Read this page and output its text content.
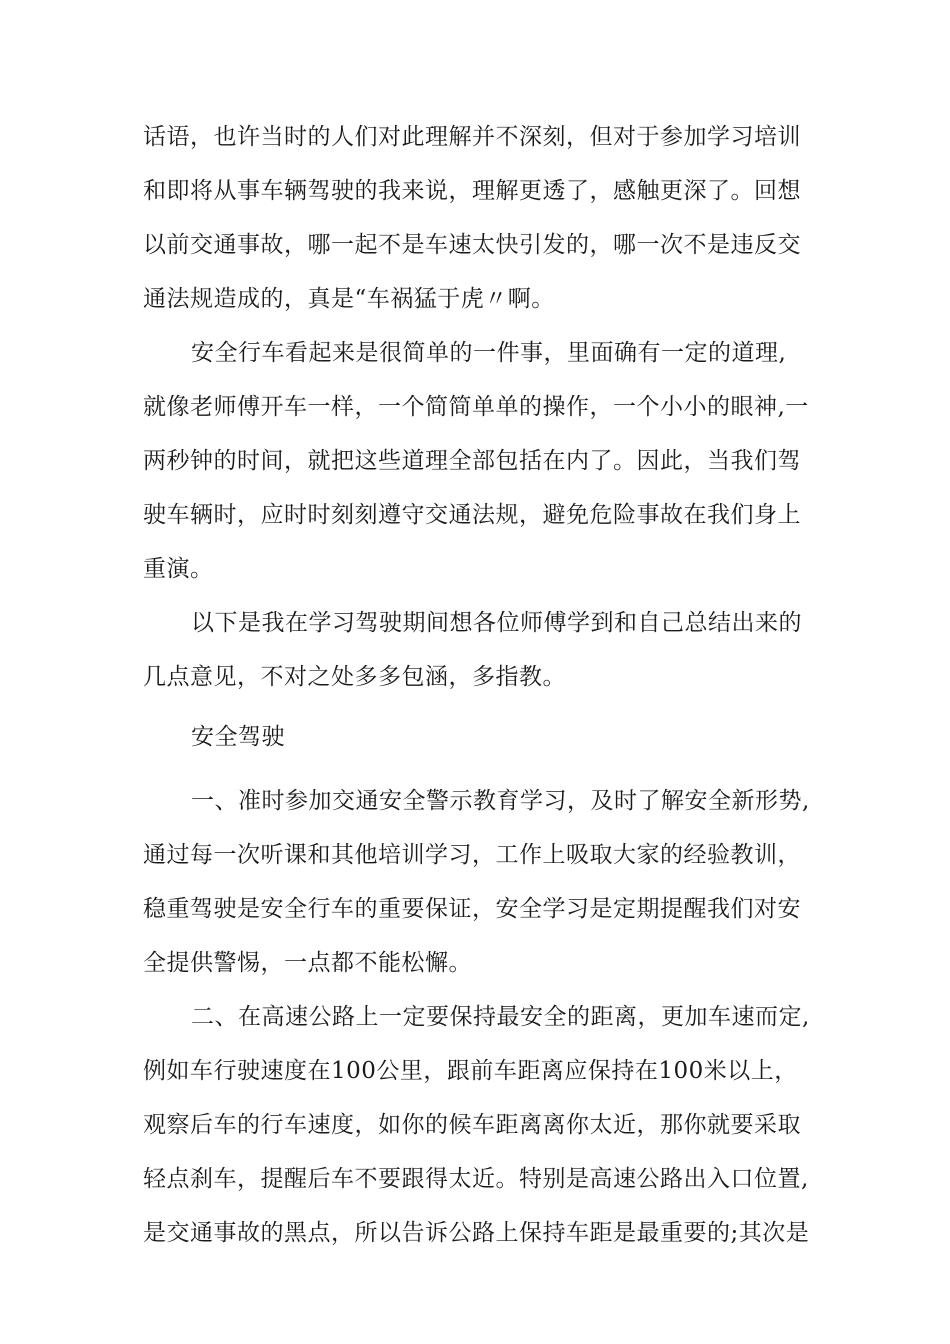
话语，也许当时的人们对此理解并不深刻，但对于参加学习培训
和即将从事车辆驾驶的我来说，理解更透了，感触更深了。回想
以前交通事故，哪一起不是车速太快引发的，哪一次不是违反交
通法规造成的，真是“车祸猛于虎〃啊。

安全行车看起来是很简单的一件事，里面确有一定的道理,
就像老师傅开车一样，一个简简单单的操作，一个小小的眼神,一
两秒钟的时间，就把这些道理全部包括在内了。因此，当我们驾
驶车辆时，应时时刻刻遵守交通法规，避免危险事故在我们身上
重演。

以下是我在学习驾驶期间想各位师傅学到和自己总结出来的
几点意见，不对之处多多包涵，多指教。

安全驾驶

一、准时参加交通安全警示教育学习，及时了解安全新形势,
通过每一次听课和其他培训学习，工作上吸取大家的经验教训，
稳重驾驶是安全行车的重要保证，安全学习是定期提醒我们对安
全提供警惕，一点都不能松懈。

二、在高速公路上一定要保持最安全的距离，更加车速而定,
例如车行驶速度在100公里，跟前车距离应保持在100米以上，
观察后车的行车速度，如你的候车距离离你太近，那你就要采取
轻点刹车，提醒后车不要跟得太近。特别是高速公路出入口位置,
是交通事故的黑点，所以告诉公路上保持车距是最重要的;其次是
